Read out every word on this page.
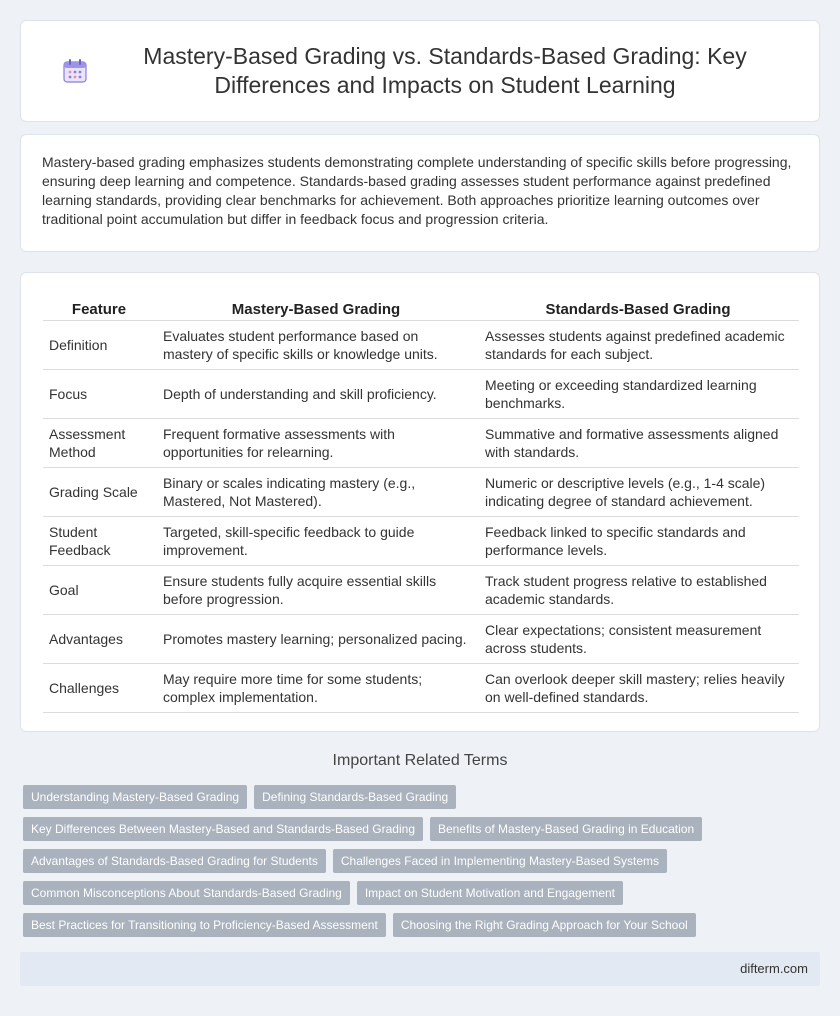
Mastery-Based Grading vs. Standards-Based Grading: Key Differences and Impacts on Student Learning

Mastery-based grading emphasizes students demonstrating complete understanding of specific skills before progressing, ensuring deep learning and competence. Standards-based grading assesses student performance against predefined learning standards, providing clear benchmarks for achievement. Both approaches prioritize learning outcomes over traditional point accumulation but differ in feedback focus and progression criteria.

Feature	Mastery-Based Grading	Standards-Based Grading
Definition	Evaluates student performance based on mastery of specific skills or knowledge units.	Assesses students against predefined academic standards for each subject.
Focus	Depth of understanding and skill proficiency.	Meeting or exceeding standardized learning benchmarks.
Assessment Method	Frequent formative assessments with opportunities for relearning.	Summative and formative assessments aligned with standards.
Grading Scale	Binary or scales indicating mastery (e.g., Mastered, Not Mastered).	Numeric or descriptive levels (e.g., 1-4 scale) indicating degree of standard achievement.
Student Feedback	Targeted, skill-specific feedback to guide improvement.	Feedback linked to specific standards and performance levels.
Goal	Ensure students fully acquire essential skills before progression.	Track student progress relative to established academic standards.
Advantages	Promotes mastery learning; personalized pacing.	Clear expectations; consistent measurement across students.
Challenges	May require more time for some students; complex implementation.	Can overlook deeper skill mastery; relies heavily on well-defined standards.
Important Related Terms
Understanding Mastery-Based Grading	Defining Standards-Based Grading
Key Differences Between Mastery-Based and Standards-Based Grading	Benefits of Mastery-Based Grading in Education
Advantages of Standards-Based Grading for Students	Challenges Faced in Implementing Mastery-Based Systems
Common Misconceptions About Standards-Based Grading	Impact on Student Motivation and Engagement
Best Practices for Transitioning to Proficiency-Based Assessment	Choosing the Right Grading Approach for Your School
difterm.com
